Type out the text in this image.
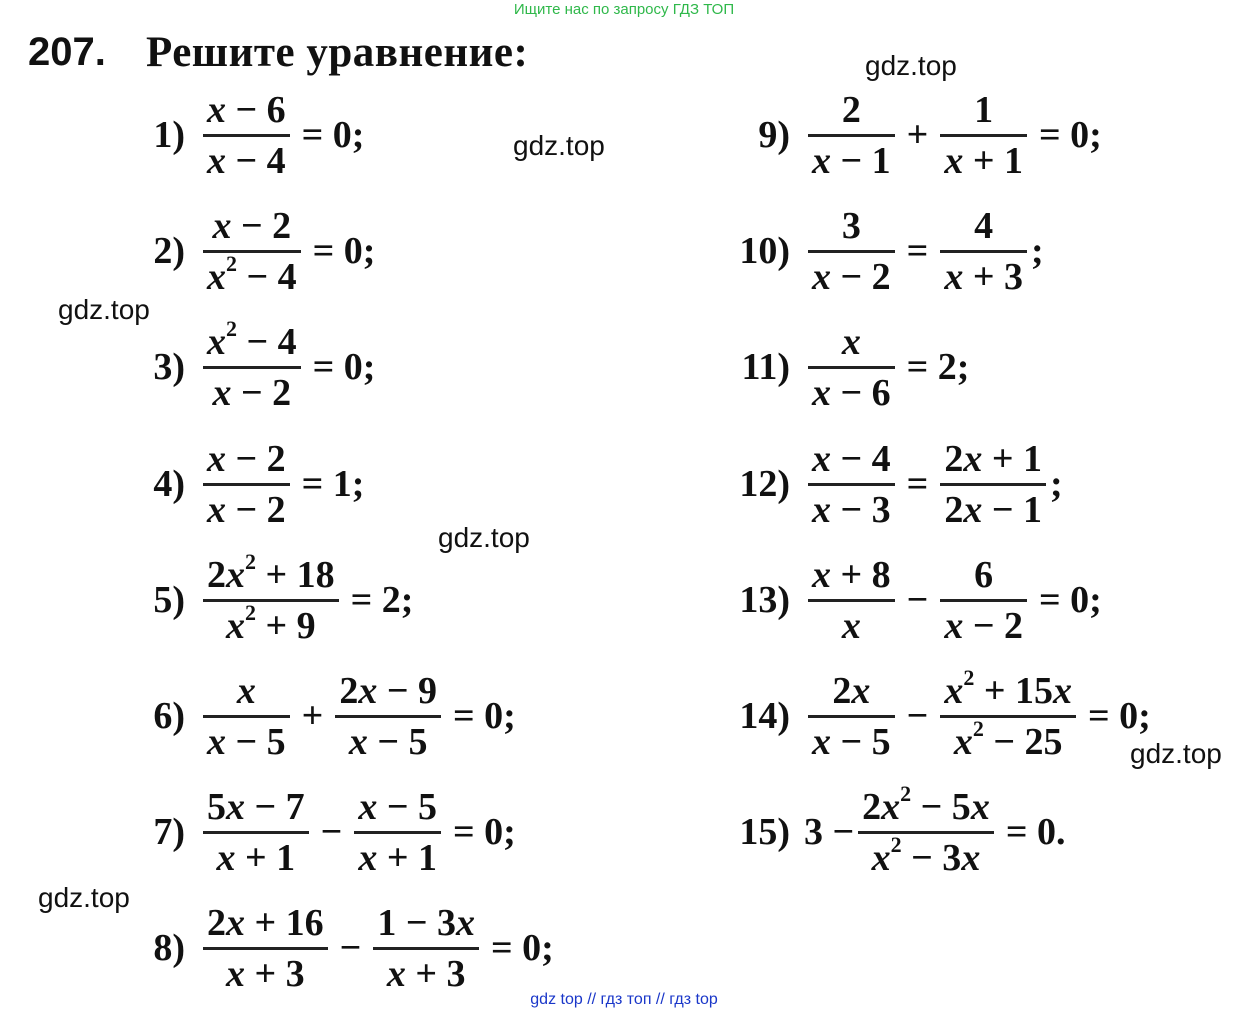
Ищите нас по запросу ГДЗ ТОП
207. Решите уравнение:	gdz.top
gdz.top
gdz.top
gdz.top
gdz.top
gdz.top
$1) \frac{x - 6}{x - 4} = 0$;
$2) \frac{x - 2}{x^2 - 4} = 0$;
$3) \frac{x^2 - 4}{x - 2} = 0$;
$4) \frac{x - 2}{x - 2} = 1$;
$5) \frac{2x^2 + 18}{x^2 + 9} = 2$;
$6) \frac{x}{x - 5} + \frac{2x - 9}{x - 5} = 0$;
$7) \frac{5x - 7}{x + 1} - \frac{x - 5}{x + 1} = 0$;
$8) \frac{2x + 16}{x + 3} - \frac{1 - 3x}{x + 3} = 0$;
$9) \frac{2}{x - 1} + \frac{1}{x + 1} = 0$;
$10) \frac{3}{x - 2} = \frac{4}{x + 3}$ ;
$11) \frac{x}{x - 6} = 2$;
$12) \frac{x - 4}{x - 3} = \frac{2x + 1}{2x - 1}$ ;
$13) \frac{x + 8}{x} - \frac{6}{x - 2} = 0$;
$14) \frac{2x}{x - 5} - \frac{x^2 + 15x}{x^2 - 25} = 0$;
15) $3 - \frac{2x^2 - 5x}{x^2 - 3x} = 0$.
gdz top // гдз топ // гдз top
